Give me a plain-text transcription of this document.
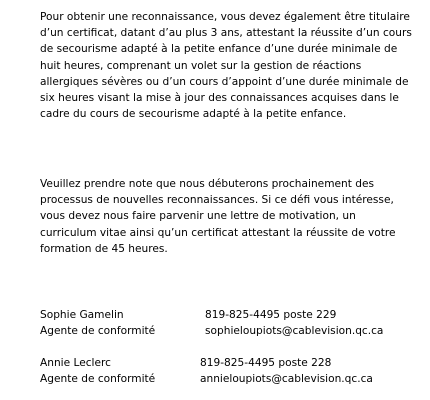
Pour obtenir une reconnaissance, vous devez également être titulaire d’un certificat, datant d’au plus 3 ans, attestant la réussite d’un cours de secourisme adapté à la petite enfance d’une durée minimale de huit heures, comprenant un volet sur la gestion de réactions allergiques sévères ou d’un cours d’appoint d’une durée minimale de six heures visant la mise à jour des connaissances acquises dans le cadre du cours de secourisme adapté à la petite enfance.

Veuillez prendre note que nous débuterons prochainement des processus de nouvelles reconnaissances. Si ce défi vous intéresse, vous devez nous faire parvenir une lettre de motivation, un curriculum vitae ainsi qu’un certificat attestant la réussite de votre formation de 45 heures.

Sophie Gamelin
Agente de conformité
819-825-4495 poste 229
sophieloupiots@cablevision.qc.ca
Annie Leclerc
Agente de conformité
819-825-4495 poste 228
annieloupiots@cablevision.qc.ca
